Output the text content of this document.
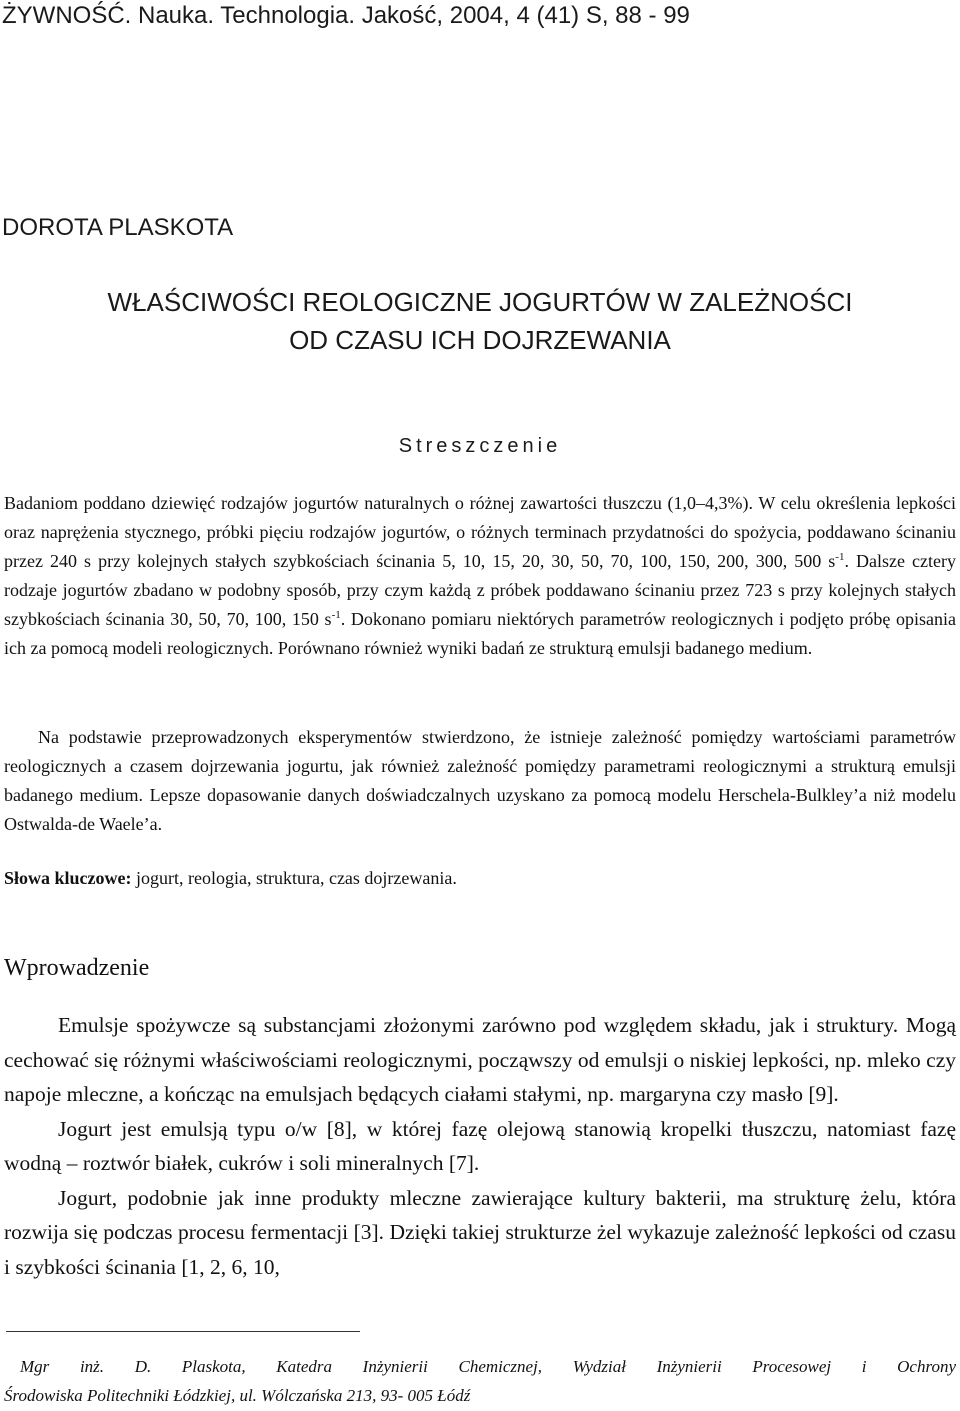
ŻYWNOŚĆ. Nauka. Technologia. Jakość, 2004, 4 (41) S, 88 - 99
DOROTA PLASKOTA
WŁAŚCIWOŚCI REOLOGICZNE JOGURTÓW W ZALEŻNOŚCI
OD CZASU ICH DOJRZEWANIA
Streszczenie

Badaniom poddano dziewięć rodzajów jogurtów naturalnych o różnej zawartości tłuszczu (1,0–4,3%). W celu określenia lepkości oraz naprężenia stycznego, próbki pięciu rodzajów jogurtów, o różnych terminach przydatności do spożycia, poddawano ścinaniu przez 240 s przy kolejnych stałych szybkościach ścinania 5, 10, 15, 20, 30, 50, 70, 100, 150, 200, 300, 500 $s^{-1}$. Dalsze cztery rodzaje jogurtów zbadano w podobny sposób, przy czym każdą z próbek poddawano ścinaniu przez 723 s przy kolejnych stałych szybkościach ścinania 30, 50, 70, 100, 150 $s^{-1}$. Dokonano pomiaru niektórych parametrów reologicznych i podjęto próbę opisania ich za pomocą modeli reologicznych. Porównano również wyniki badań ze strukturą emulsji badanego medium.

Na podstawie przeprowadzonych eksperymentów stwierdzono, że istnieje zależność pomiędzy wartościami parametrów reologicznych a czasem dojrzewania jogurtu, jak również zależność pomiędzy parametrami reologicznymi a strukturą emulsji badanego medium. Lepsze dopasowanie danych doświadczalnych uzyskano za pomocą modelu Herschela-Bulkley’a niż modelu Ostwalda-de Waele’a.

Słowa kluczowe: jogurt, reologia, struktura, czas dojrzewania.
Wprowadzenie

Emulsje spożywcze są substancjami złożonymi zarówno pod względem składu, jak i struktury. Mogą cechować się różnymi właściwościami reologicznymi, począwszy od emulsji o niskiej lepkości, np. mleko czy napoje mleczne, a kończąc na emulsjach będących ciałami stałymi, np. margaryna czy masło [9].

Jogurt jest emulsją typu o/w [8], w której fazę olejową stanowią kropelki tłuszczu, natomiast fazę wodną – roztwór białek, cukrów i soli mineralnych [7].

Jogurt, podobnie jak inne produkty mleczne zawierające kultury bakterii, ma strukturę żelu, która rozwija się podczas procesu fermentacji [3]. Dzięki takiej strukturze żel wykazuje zależność lepkości od czasu i szybkości ścinania [1, 2, 6, 10,

Mgr inż. D. Plaskota, Katedra Inżynierii Chemicznej, Wydział Inżynierii Procesowej i Ochrony
Środowiska Politechniki Łódzkiej, ul. Wólczańska 213, 93- 005 Łódź
